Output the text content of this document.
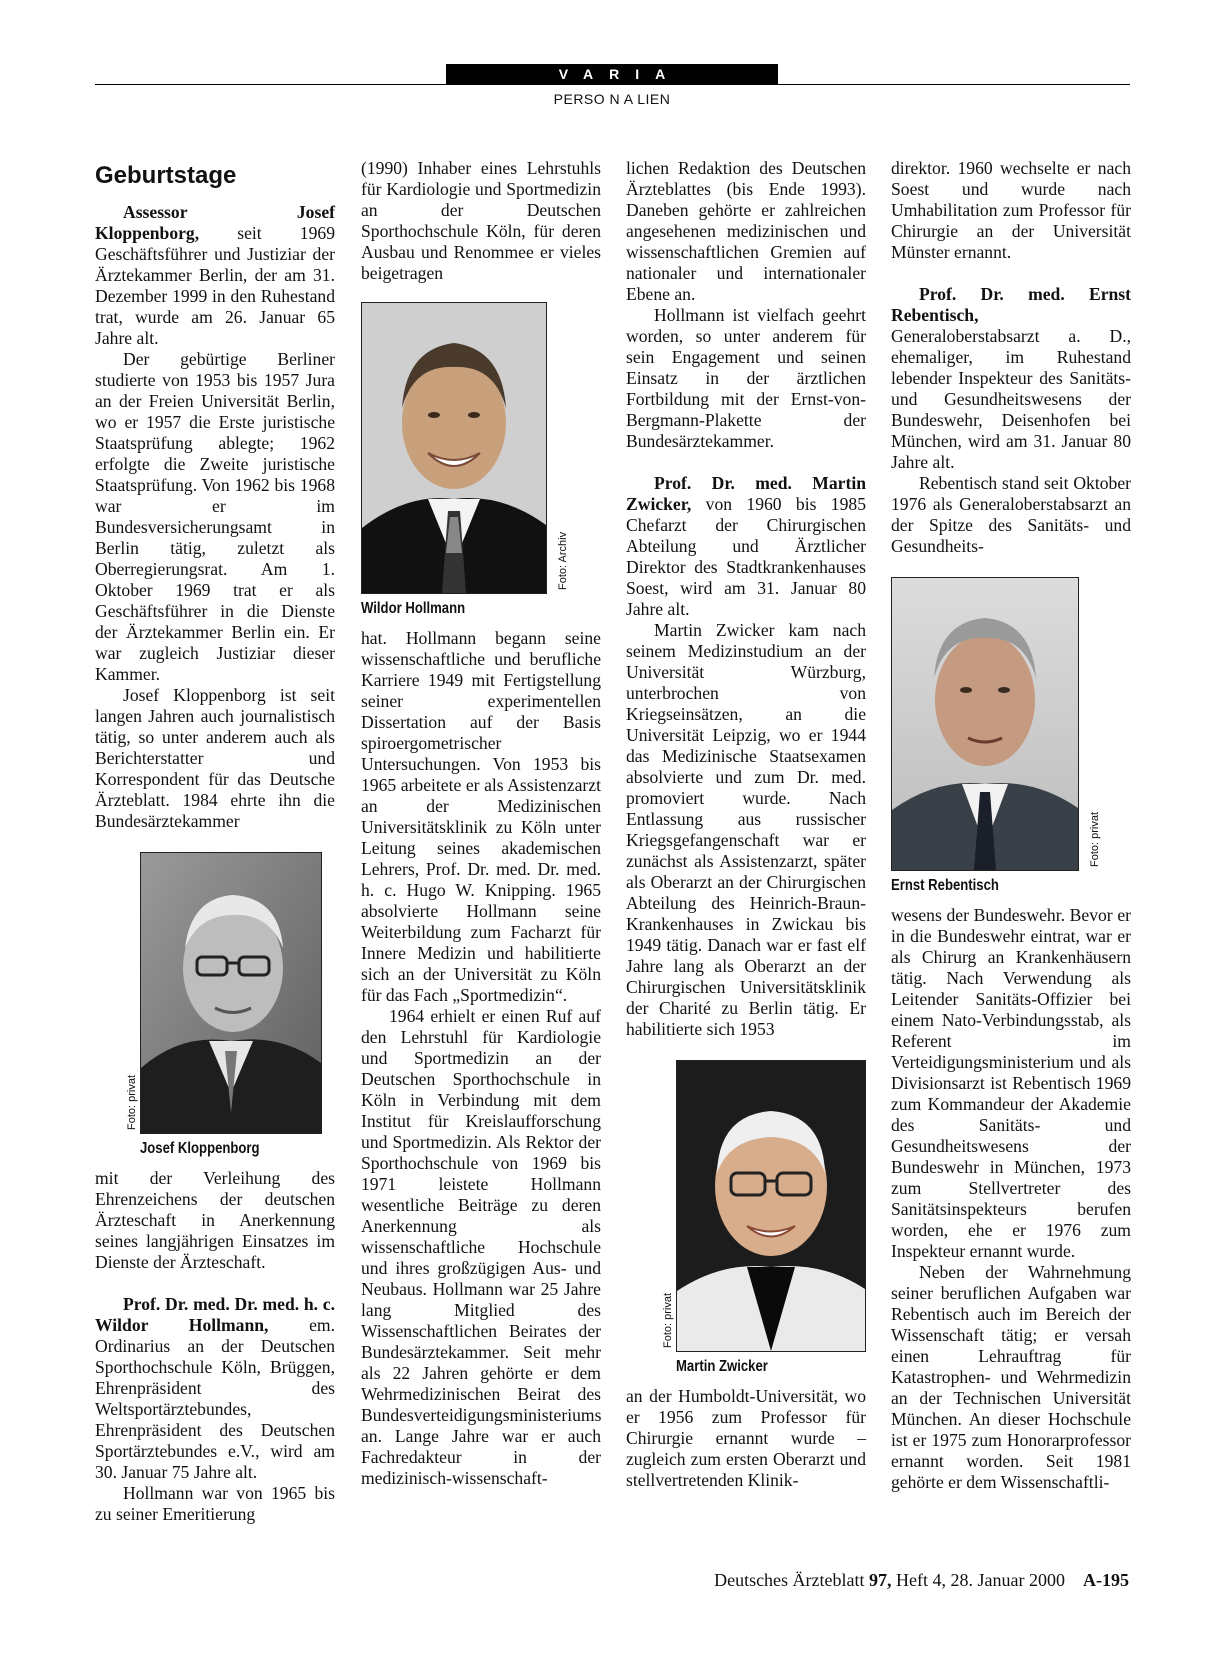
VARIA
PERSO N A LIEN
Geburtstage

Assessor Josef Kloppenborg, seit 1969 Geschäftsführer und Justiziar der Ärztekammer Berlin, der am 31. Dezember 1999 in den Ruhestand trat, wurde am 26. Januar 65 Jahre alt.

Der gebürtige Berliner studierte von 1953 bis 1957 Jura an der Freien Universität Berlin, wo er 1957 die Erste juristische Staatsprüfung ablegte; 1962 erfolgte die Zweite juristische Staatsprüfung. Von 1962 bis 1968 war er im Bundesversicherungsamt in Berlin tätig, zuletzt als Oberregierungsrat. Am 1. Oktober 1969 trat er als Geschäftsführer in die Dienste der Ärztekammer Berlin ein. Er war zugleich Justiziar dieser Kammer.

Josef Kloppenborg ist seit langen Jahren auch journalistisch tätig, so unter anderem auch als Berichterstatter und Korrespondent für das Deutsche Ärzteblatt. 1984 ehrte ihn die Bundesärztekammer

Foto: privat
Josef Kloppenborg

mit der Verleihung des Ehrenzeichens der deutschen Ärzteschaft in Anerkennung seines langjährigen Einsatzes im Dienste der Ärzteschaft.

Prof. Dr. med. Dr. med. h. c. Wildor Hollmann, em. Ordinarius an der Deutschen Sporthochschule Köln, Brüggen, Ehrenpräsident des Weltsportärztebundes, Ehrenpräsident des Deutschen Sportärztebundes e.V., wird am 30. Januar 75 Jahre alt.

Hollmann war von 1965 bis zu seiner Emeritierung

(1990) Inhaber eines Lehrstuhls für Kardiologie und Sportmedizin an der Deutschen Sporthochschule Köln, für deren Ausbau und Renommee er vieles beigetragen

Foto: Archiv
Wildor Hollmann

hat. Hollmann begann seine wissenschaftliche und berufliche Karriere 1949 mit Fertigstellung seiner experimentellen Dissertation auf der Basis spiroergometrischer Untersuchungen. Von 1953 bis 1965 arbeitete er als Assistenzarzt an der Medizinischen Universitätsklinik zu Köln unter Leitung seines akademischen Lehrers, Prof. Dr. med. Dr. med. h. c. Hugo W. Knipping. 1965 absolvierte Hollmann seine Weiterbildung zum Facharzt für Innere Medizin und habilitierte sich an der Universität zu Köln für das Fach „Sportmedizin“.

1964 erhielt er einen Ruf auf den Lehrstuhl für Kardiologie und Sportmedizin an der Deutschen Sporthochschule in Köln in Verbindung mit dem Institut für Kreislaufforschung und Sportmedizin. Als Rektor der Sporthochschule von 1969 bis 1971 leistete Hollmann wesentliche Beiträge zu deren Anerkennung als wissenschaftliche Hochschule und ihres großzügigen Aus- und Neubaus. Hollmann war 25 Jahre lang Mitglied des Wissenschaftlichen Beirates der Bundesärztekammer. Seit mehr als 22 Jahren gehörte er dem Wehrmedizinischen Beirat des Bundesverteidigungsministeriums an. Lange Jahre war er auch Fachredakteur in der medizinisch-wissenschaft-

lichen Redaktion des Deutschen Ärzteblattes (bis Ende 1993). Daneben gehörte er zahlreichen angesehenen medizinischen und wissenschaftlichen Gremien auf nationaler und internationaler Ebene an.

Hollmann ist vielfach geehrt worden, so unter anderem für sein Engagement und seinen Einsatz in der ärztlichen Fortbildung mit der Ernst-von-Bergmann-Plakette der Bundesärztekammer.

Prof. Dr. med. Martin Zwicker, von 1960 bis 1985 Chefarzt der Chirurgischen Abteilung und Ärztlicher Direktor des Stadtkrankenhauses Soest, wird am 31. Januar 80 Jahre alt.

Martin Zwicker kam nach seinem Medizinstudium an der Universität Würzburg, unterbrochen von Kriegseinsätzen, an die Universität Leipzig, wo er 1944 das Medizinische Staatsexamen absolvierte und zum Dr. med. promoviert wurde. Nach Entlassung aus russischer Kriegsgefangenschaft war er zunächst als Assistenzarzt, später als Oberarzt an der Chirurgischen Abteilung des Heinrich-Braun-Krankenhauses in Zwickau bis 1949 tätig. Danach war er fast elf Jahre lang als Oberarzt an der Chirurgischen Universitätsklinik der Charité zu Berlin tätig. Er habilitierte sich 1953

Foto: privat
Martin Zwicker

an der Humboldt-Universität, wo er 1956 zum Professor für Chirurgie ernannt wurde – zugleich zum ersten Oberarzt und stellvertretenden Klinik-

direktor. 1960 wechselte er nach Soest und wurde nach Umhabilitation zum Professor für Chirurgie an der Universität Münster ernannt.

Prof. Dr. med. Ernst Rebentisch, Generaloberstabsarzt a. D., ehemaliger, im Ruhestand lebender Inspekteur des Sanitäts- und Gesundheitswesens der Bundeswehr, Deisenhofen bei München, wird am 31. Januar 80 Jahre alt.

Rebentisch stand seit Oktober 1976 als Generaloberstabsarzt an der Spitze des Sanitäts- und Gesundheits-

Foto: privat
Ernst Rebentisch

wesens der Bundeswehr. Bevor er in die Bundeswehr eintrat, war er als Chirurg an Krankenhäusern tätig. Nach Verwendung als Leitender Sanitäts-Offizier bei einem Nato-Verbindungsstab, als Referent im Verteidigungsministerium und als Divisionsarzt ist Rebentisch 1969 zum Kommandeur der Akademie des Sanitäts- und Gesundheitswesens der Bundeswehr in München, 1973 zum Stellvertreter des Sanitätsinspekteurs berufen worden, ehe er 1976 zum Inspekteur ernannt wurde.

Neben der Wahrnehmung seiner beruflichen Aufgaben war Rebentisch auch im Bereich der Wissenschaft tätig; er versah einen Lehrauftrag für Katastrophen- und Wehrmedizin an der Technischen Universität München. An dieser Hochschule ist er 1975 zum Honorarprofessor ernannt worden. Seit 1981 gehörte er dem Wissenschaftli-

Deutsches Ärzteblatt 97, Heft 4, 28. Januar 2000 A-195
